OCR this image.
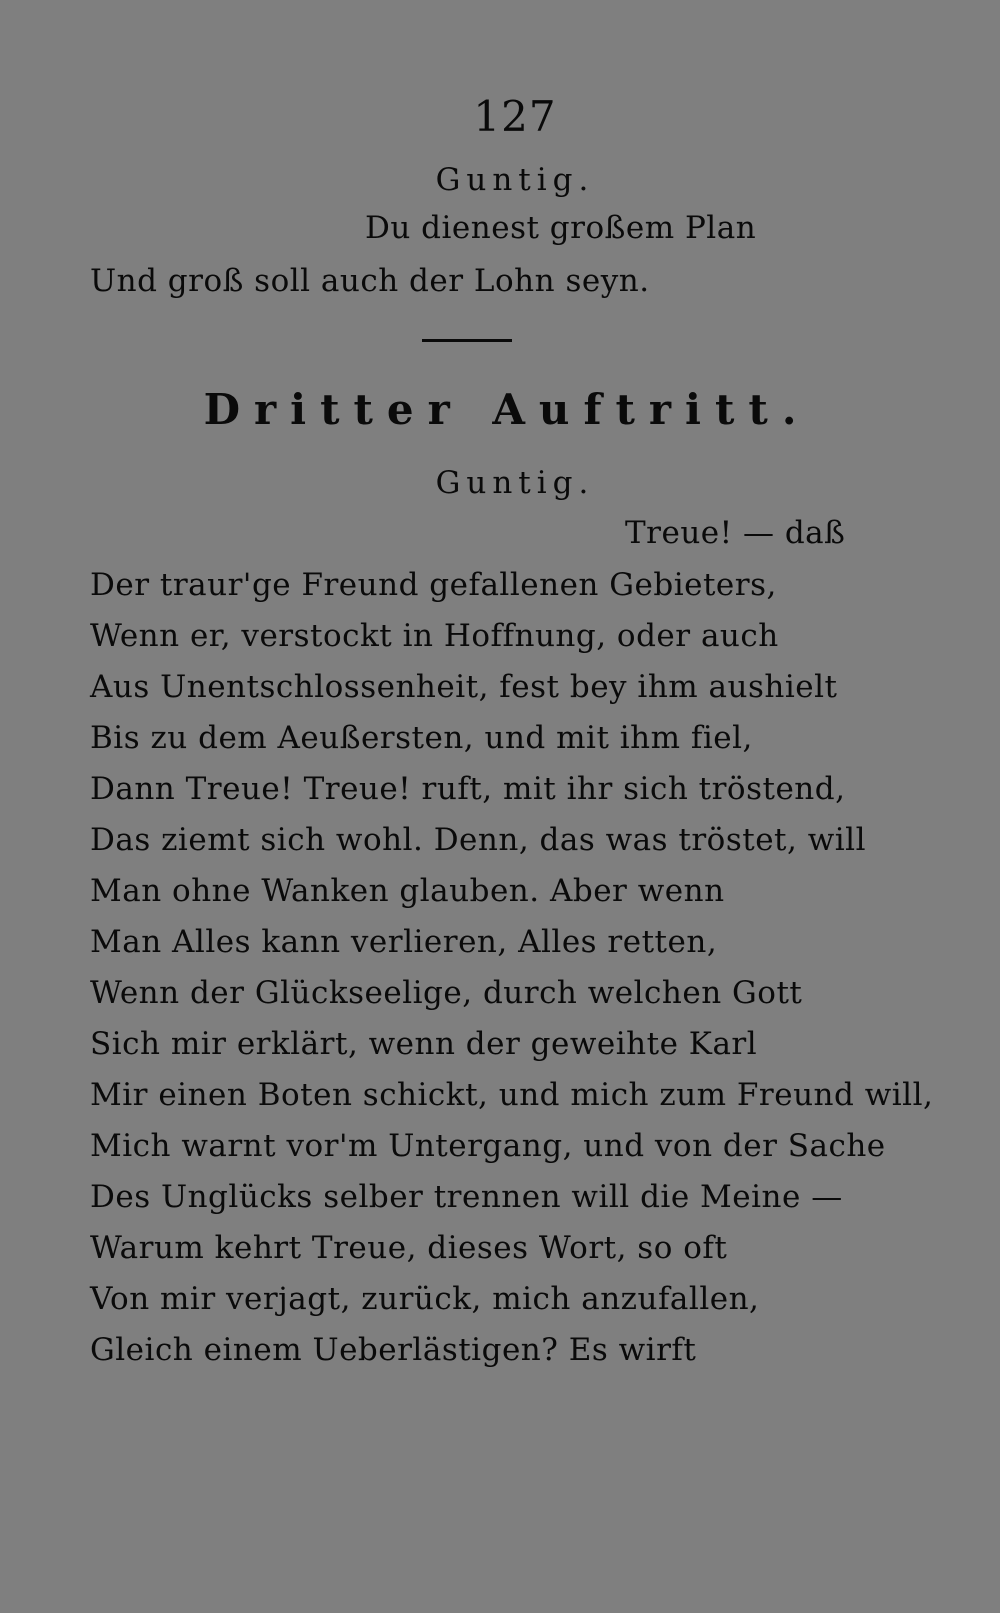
127
Guntig.
Du dienest großem Plan
Und groß soll auch der Lohn seyn.
Dritter Auftritt.
Guntig.
Treue! — daß
Der traur'ge Freund gefallenen Gebieters,
Wenn er, verstockt in Hoffnung, oder auch
Aus Unentschlossenheit, fest bey ihm aushielt
Bis zu dem Aeußersten, und mit ihm fiel,
Dann Treue! Treue! ruft, mit ihr sich tröstend,
Das ziemt sich wohl. Denn, das was tröstet, will
Man ohne Wanken glauben. Aber wenn
Man Alles kann verlieren, Alles retten,
Wenn der Glückseelige, durch welchen Gott
Sich mir erklärt, wenn der geweihte Karl
Mir einen Boten schickt, und mich zum Freund will,
Mich warnt vor'm Untergang, und von der Sache
Des Unglücks selber trennen will die Meine —
Warum kehrt Treue, dieses Wort, so oft
Von mir verjagt, zurück, mich anzufallen,
Gleich einem Ueberlästigen? Es wirft
